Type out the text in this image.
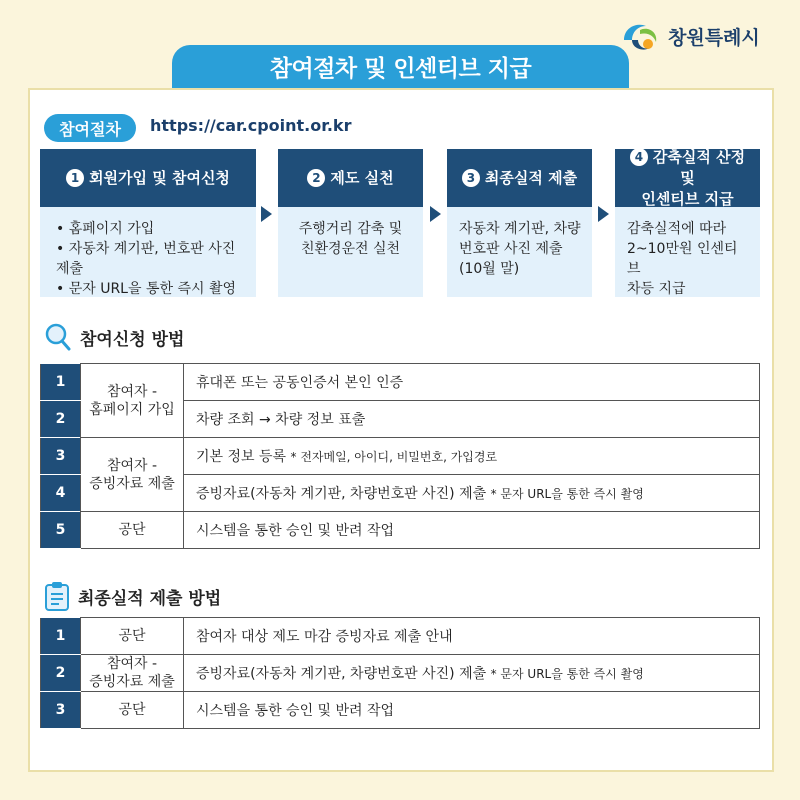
창원특례시
참여절차 및 인센티브 지급
참여절차	https://car.cpoint.or.kr
1 회원가입 및 참여신청
• 홈페이지 가입
• 자동차 계기판, 번호판 사진 제출
• 문자 URL을 통한 즉시 촬영
2 제도 실천
주행거리 감축 및
친환경운전 실천
3 최종실적 제출
자동차 계기판, 차량
번호판 사진 제출
(10월 말)
4 감축실적 산정 및
인센티브 지급
감축실적에 따라
2~10만원 인센티브
차등 지급
참여신청 방법
1	참여자 -
홈페이지 가입	휴대폰 또는 공동인증서 본인 인증
2		차량 조회 → 차량 정보 표출
3	참여자 -
증빙자료 제출	기본 정보 등록 * 전자메일, 아이디, 비밀번호, 가입경로
4		증빙자료(자동차 계기판, 차량번호판 사진) 제출 * 문자 URL을 통한 즉시 촬영
5	공단	시스템을 통한 승인 및 반려 작업
최종실적 제출 방법
1	공단	참여자 대상 제도 마감 증빙자료 제출 안내
2	참여자 -
증빙자료 제출	증빙자료(자동차 계기판, 차량번호판 사진) 제출 * 문자 URL을 통한 즉시 촬영
3	공단	시스템을 통한 승인 및 반려 작업
